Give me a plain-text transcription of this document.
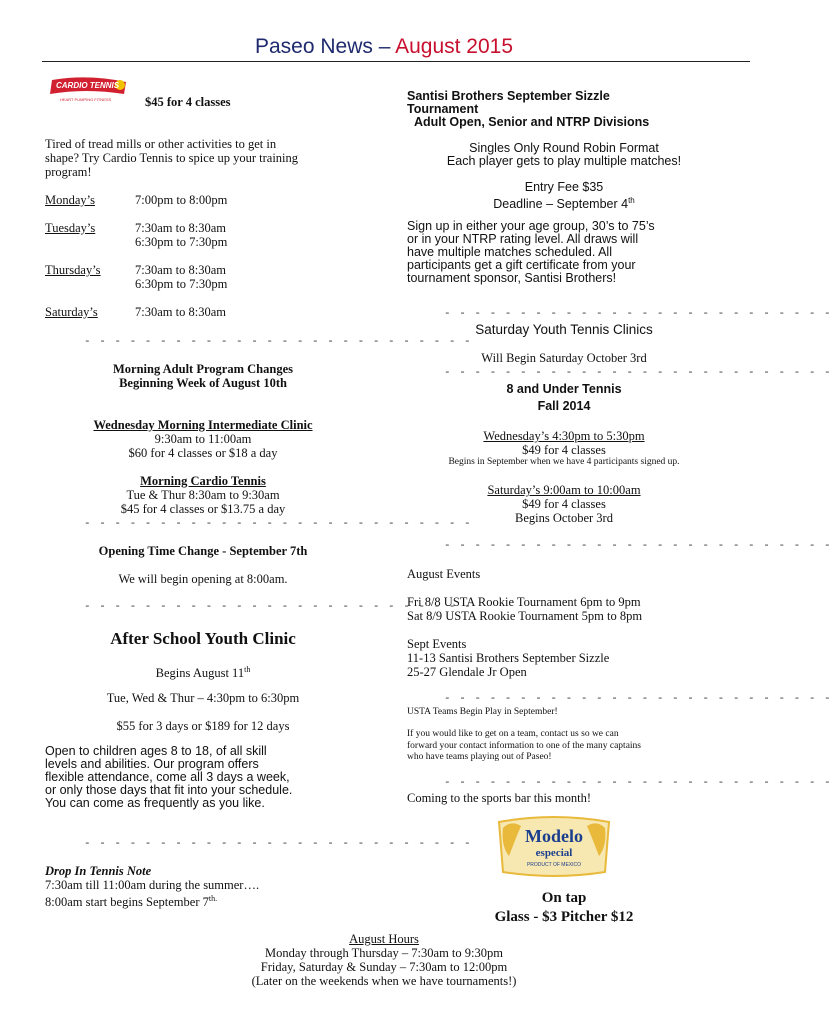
Paseo News – August 2015
CARDIO TENNIS
HEART PUMPING FITNESS	$45 for 4 classes
Tired of tread mills or other activities to get in
shape? Try Cardio Tennis to spice up your training
program!
Monday’s	7:00pm to 8:00pm
Tuesday’s	7:30am to 8:30am
6:30pm to 7:30pm
Thursday’s	7:30am to 8:30am
6:30pm to 7:30pm
Saturday’s	7:30am to 8:30am
- - - - - - - - - - - - - - - - - - - - - - - - - -
Morning Adult Program Changes
Beginning Week of August 10th
Wednesday Morning Intermediate Clinic
9:30am to 11:00am
$60 for 4 classes or $18 a day
Morning Cardio Tennis
Tue & Thur 8:30am to 9:30am
$45 for 4 classes or $13.75 a day
- - - - - - - - - - - - - - - - - - - - - - - - - -
Opening Time Change - September 7th
We will begin opening at 8:00am.
- - - - - - - - - - - - - - - - - - - - - - - - - -
After School Youth Clinic
Begins August 11th
Tue, Wed & Thur – 4:30pm to 6:30pm
$55 for 3 days or $189 for 12 days
Open to children ages 8 to 18, of all skill
levels and abilities. Our program offers
flexible attendance, come all 3 days a week,
or only those days that fit into your schedule.
You can come as frequently as you like.
- - - - - - - - - - - - - - - - - - - - - - - - - -
Drop In Tennis Note
7:30am till 11:00am during the summer….
8:00am start begins September $7^{th.}$
Santisi Brothers September Sizzle
Tournament
Adult Open, Senior and NTRP Divisions
Singles Only Round Robin Format
Each player gets to play multiple matches!
Entry Fee $35
Deadline – September 4th
Sign up in either your age group, 30’s to 75’s
or in your NTRP rating level. All draws will
have multiple matches scheduled. All
participants get a gift certificate from your
tournament sponsor, Santisi Brothers!
- - - - - - - - - - - - - - - - - - - - - - - - - -
Saturday Youth Tennis Clinics
Will Begin Saturday October 3rd
- - - - - - - - - - - - - - - - - - - - - - - - - -
8 and Under Tennis
Fall 2014
Wednesday’s 4:30pm to 5:30pm
$49 for 4 classes
Begins in September when we have 4 participants signed up.
Saturday’s 9:00am to 10:00am
$49 for 4 classes
Begins October 3rd
- - - - - - - - - - - - - - - - - - - - - - - - - -
August Events
Fri 8/8 USTA Rookie Tournament 6pm to 9pm
Sat 8/9 USTA Rookie Tournament 5pm to 8pm
Sept Events
11-13 Santisi Brothers September Sizzle
25-27 Glendale Jr Open
- - - - - - - - - - - - - - - - - - - - - - - - - -
USTA Teams Begin Play in September!
If you would like to get on a team, contact us so we can
forward your contact information to one of the many captains
who have teams playing out of Paseo!
- - - - - - - - - - - - - - - - - - - - - - - - - -
Coming to the sports bar this month!
Modelo
especial
PRODUCT OF MEXICO
On tap
Glass - $3 Pitcher $12
August Hours
Monday through Thursday – 7:30am to 9:30pm
Friday, Saturday & Sunday – 7:30am to 12:00pm
(Later on the weekends when we have tournaments!)
